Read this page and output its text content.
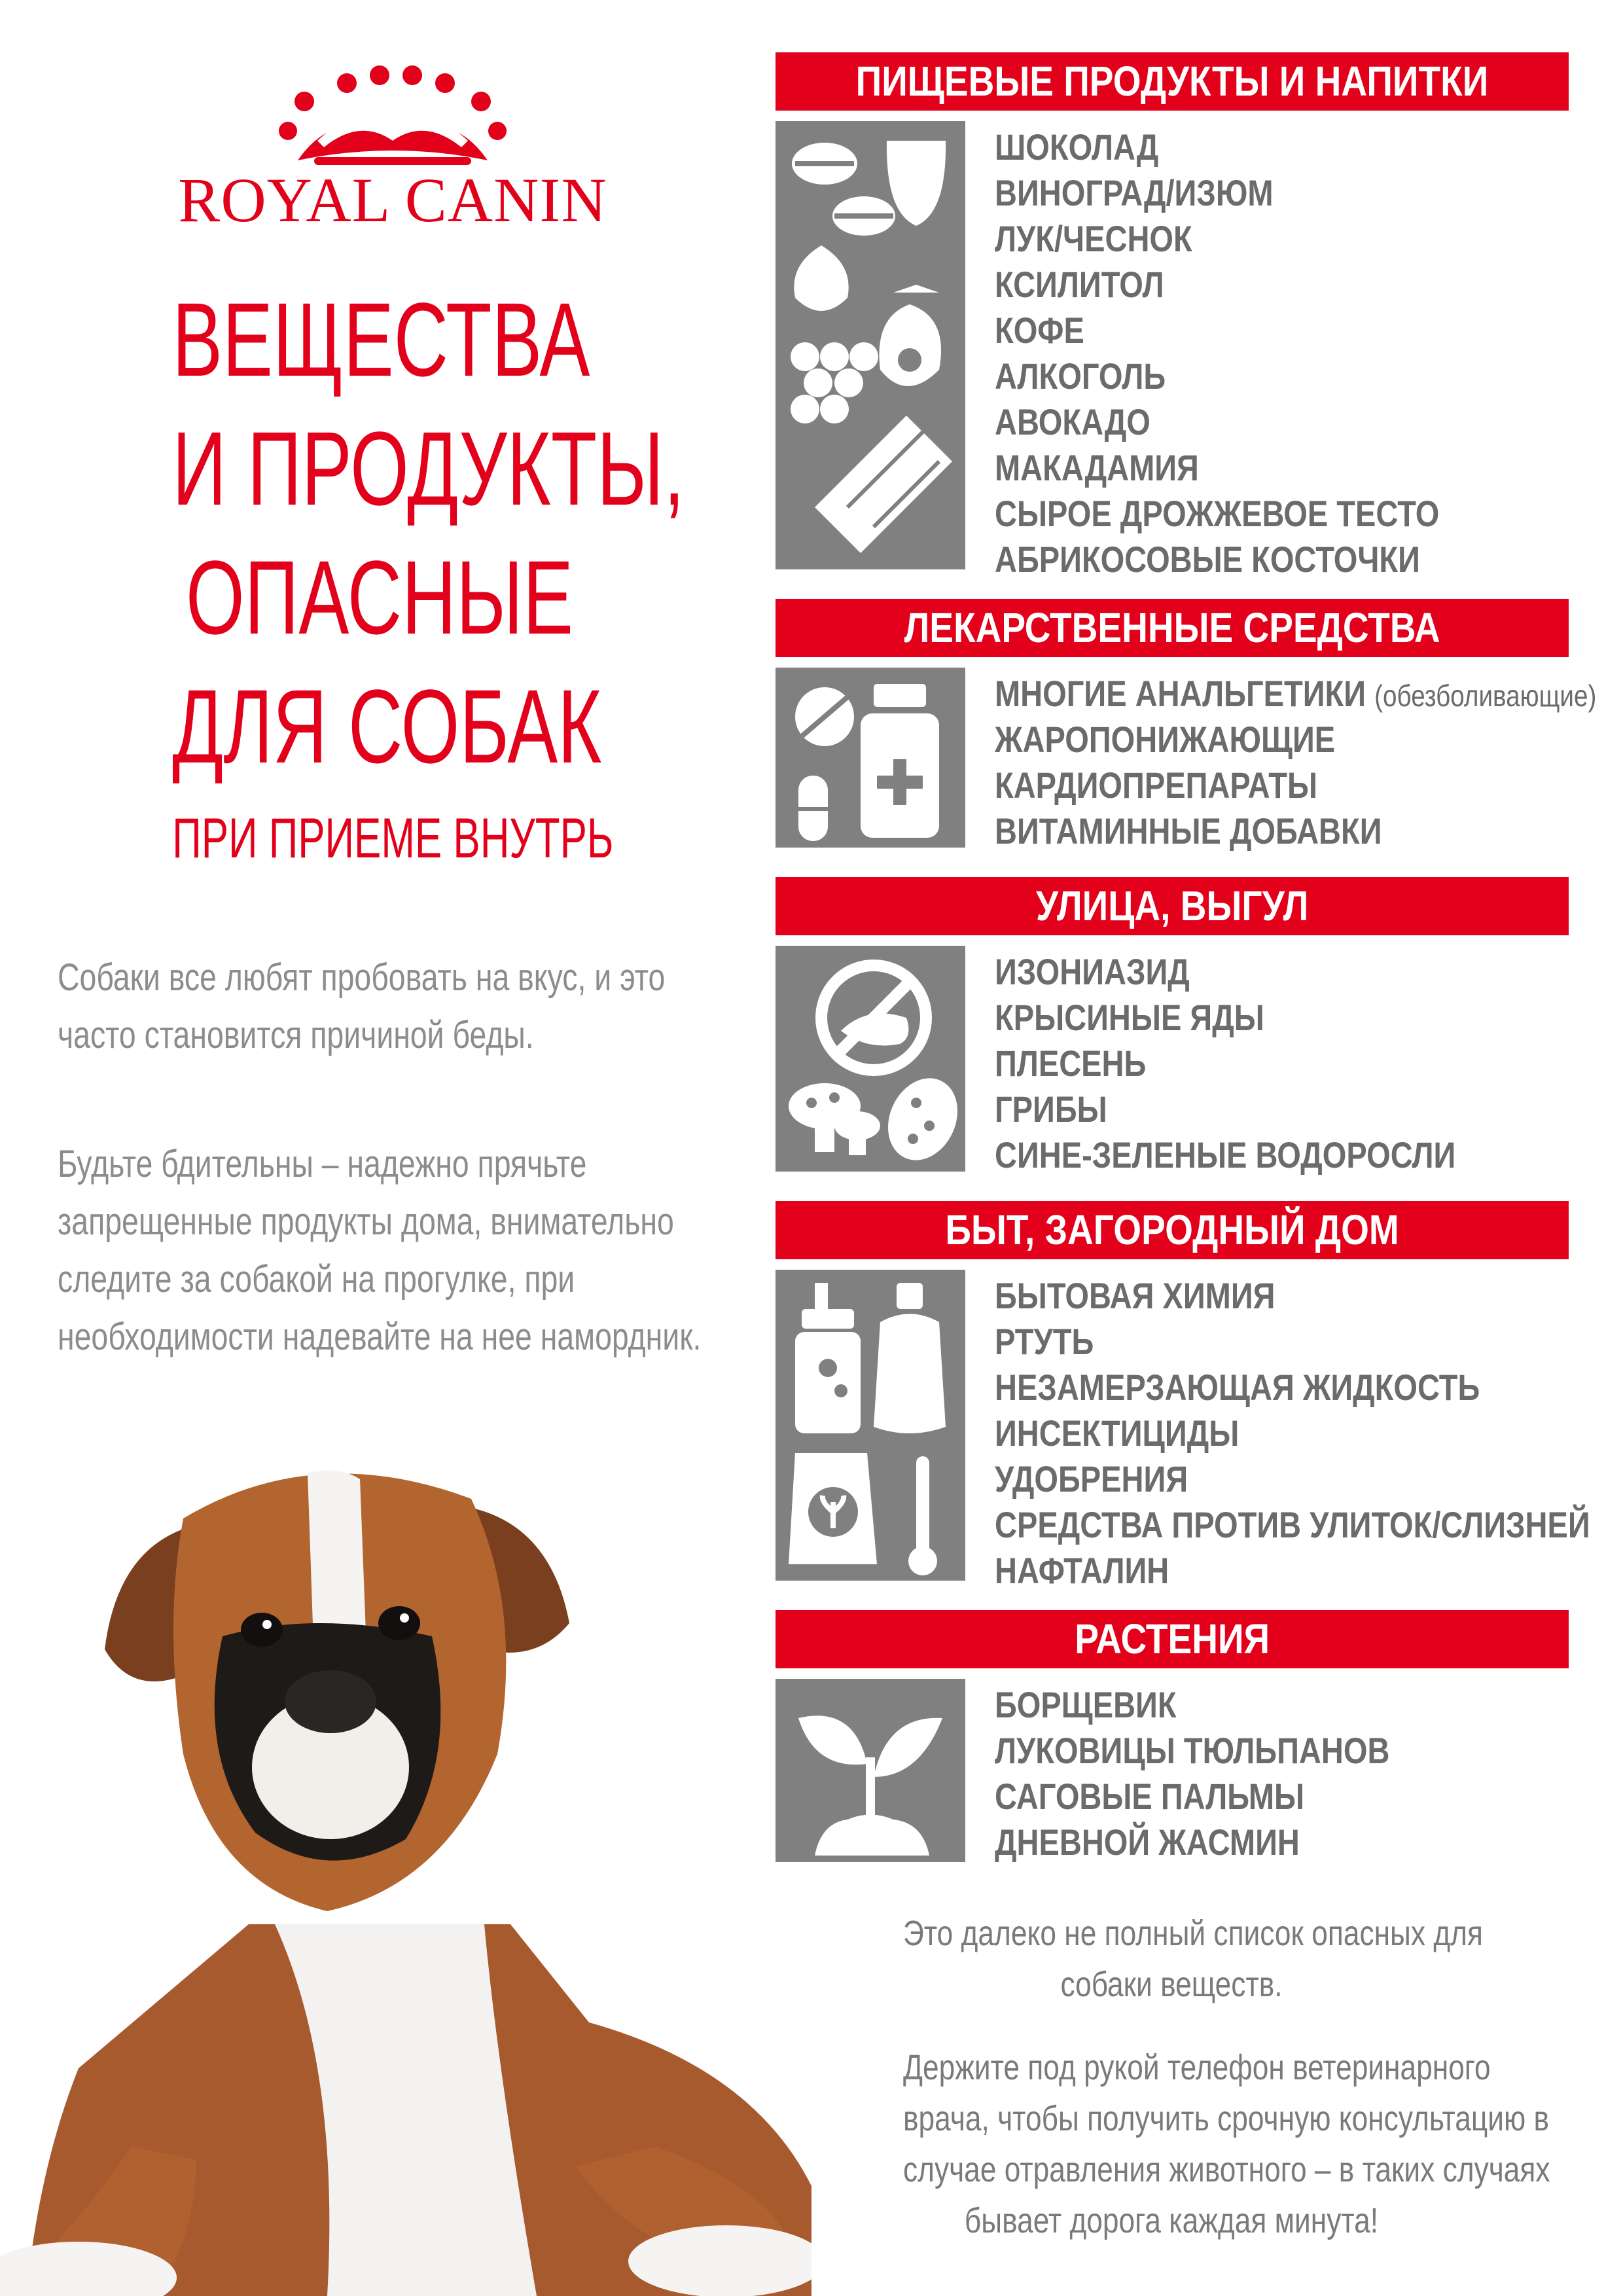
ROYAL CANIN
ВЕЩЕСТВА
И ПРОДУКТЫ,
ОПАСНЫЕ
ДЛЯ СОБАК
ПРИ ПРИЕМЕ ВНУТРЬ
Собаки все любят пробовать на вкус, и это
часто становится причиной беды.
Будьте бдительны – надежно прячьте
запрещенные продукты дома, внимательно
следите за собакой на прогулке, при
необходимости надевайте на нее намордник.
ПИЩЕВЫЕ ПРОДУКТЫ И НАПИТКИ
ШОКОЛАД
ВИНОГРАД/ИЗЮМ
ЛУК/ЧЕСНОК
КСИЛИТОЛ
КОФЕ
АЛКОГОЛЬ
АВОКАДО
МАКАДАМИЯ
СЫРОЕ ДРОЖЖЕВОЕ ТЕСТО
АБРИКОСОВЫЕ КОСТОЧКИ
ЛЕКАРСТВЕННЫЕ СРЕДСТВА
МНОГИЕ АНАЛЬГЕТИКИ (обезболивающие)
ЖАРОПОНИЖАЮЩИЕ
КАРДИОПРЕПАРАТЫ
ВИТАМИННЫЕ ДОБАВКИ
УЛИЦА, ВЫГУЛ
ИЗОНИАЗИД
КРЫСИНЫЕ ЯДЫ
ПЛЕСЕНЬ
ГРИБЫ
СИНЕ-ЗЕЛЕНЫЕ ВОДОРОСЛИ
БЫТ, ЗАГОРОДНЫЙ ДОМ
БЫТОВАЯ ХИМИЯ
РТУТЬ
НЕЗАМЕРЗАЮЩАЯ ЖИДКОСТЬ
ИНСЕКТИЦИДЫ
УДОБРЕНИЯ
СРЕДСТВА ПРОТИВ УЛИТОК/СЛИЗНЕЙ
НАФТАЛИН
РАСТЕНИЯ
БОРЩЕВИК
ЛУКОВИЦЫ ТЮЛЬПАНОВ
САГОВЫЕ ПАЛЬМЫ
ДНЕВНОЙ ЖАСМИН
Это далеко не полный список опасных для
собаки веществ.
Держите под рукой телефон ветеринарного
врача, чтобы получить срочную консультацию в
случае отравления животного – в таких случаях
бывает дорога каждая минута!
